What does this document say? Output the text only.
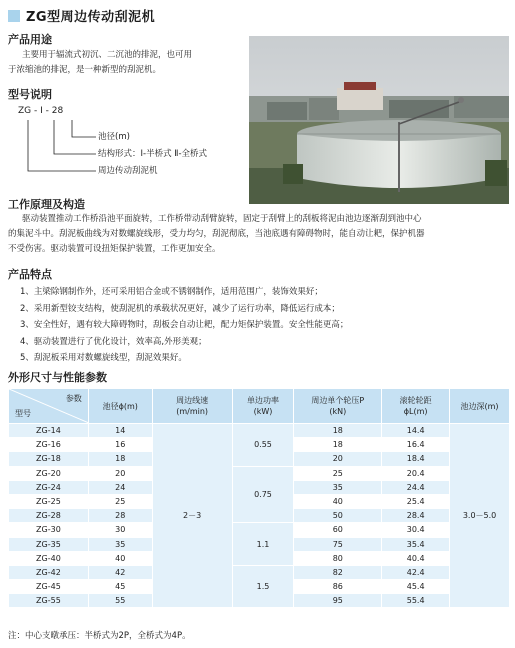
ZG型周边传动刮泥机
产品用途
主要用于辐流式初沉、二沉池的排泥，也可用
于浓缩池的排泥，是一种新型的刮泥机。
型号说明
ZG - Ⅰ - 28
池径(m)
结构形式：Ⅰ-半桥式 Ⅱ-全桥式
周边传动刮泥机
工作原理及构造
驱动装置推动工作桥沿池平面旋转，工作桥带动刮臂旋转，固定于刮臂上的刮板将泥由池边逐渐刮到池中心
的集泥斗中。刮泥板曲线为对数螺旋线形，受力均匀，刮泥彻底，当池底遇有障碍物时，能自动让耙，保护机器
不受伤害。驱动装置可设扭矩保护装置，工作更加安全。
产品特点
1、主梁除钢制作外，还可采用铝合金或不锈钢制作，适用范围广，装饰效果好；
2、采用新型铰支结构，使刮泥机的承载状况更好，减少了运行功率，降低运行成本；
3、安全性好，遇有较大障碍物时，刮板会自动让耙，配力矩保护装置。安全性能更高；
4、驱动装置进行了优化设计，效率高,外形美观；
5、刮泥板采用对数螺旋线型，刮泥效果好。
外形尺寸与性能参数
参数
型号	池径ϕ(m)	周边线速
(m/min)	单边功率
(kW)	周边单个轮压P
(kN)	滚轮轮距
ϕL(m)	池边深(m)
ZG-14	14	2－3	0.55	18	14.4	3.0－5.0
ZG-16	16			18	16.4	
ZG-18	18			20	18.4	
ZG-20	20		0.75	25	20.4	
ZG-24	24			35	24.4	
ZG-25	25			40	25.4	
ZG-28	28			50	28.4	
ZG-30	30		1.1	60	30.4	
ZG-35	35			75	35.4	
ZG-40	40			80	40.4	
ZG-42	42		1.5	82	42.4	
ZG-45	45			86	45.4	
ZG-55	55			95	55.4	
注：中心支暾承压：半桥式为2P，全桥式为4P。
